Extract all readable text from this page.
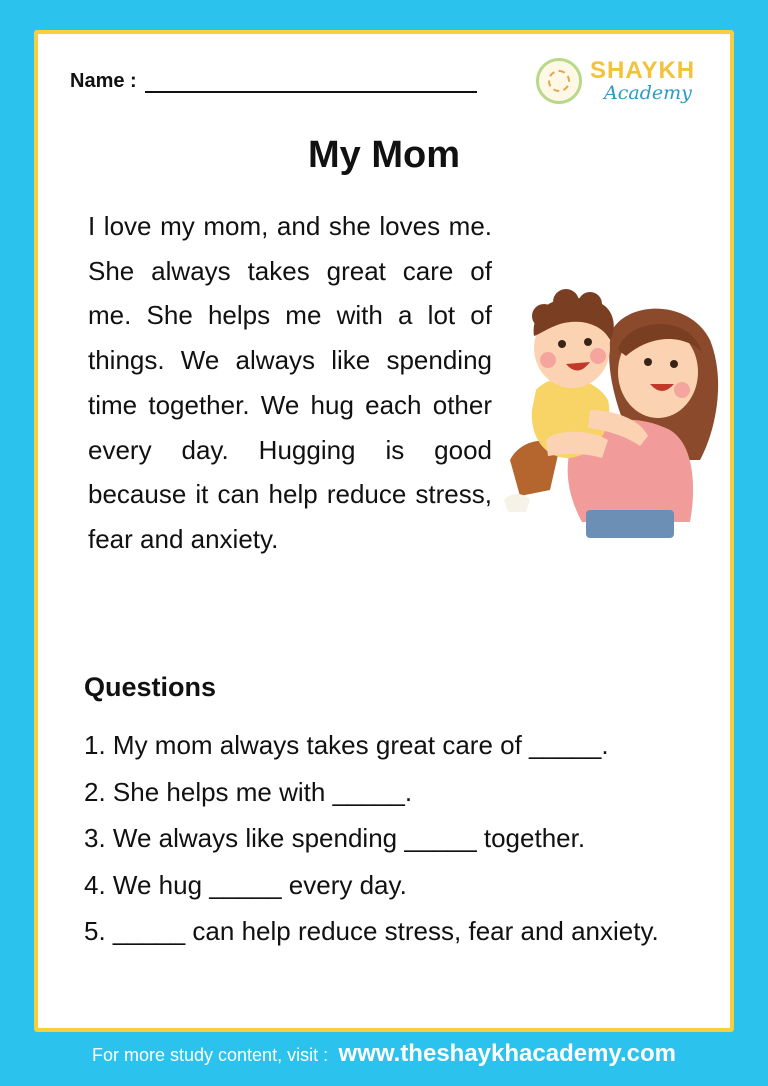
Name :	SHAYKH
Academy
My Mom

I love my mom, and she loves me. She always takes great care of me. She helps me with a lot of things. We always like spending time together. We hug each other every day. Hugging is good because it can help reduce stress, fear and anxiety.

Questions
1. My mom always takes great care of _____.
2. She helps me with _____.
3. We always like spending _____ together.
4. We hug _____ every day.
5. _____ can help reduce stress, fear and anxiety.
For more study content, visit : www.theshaykhacademy.com
